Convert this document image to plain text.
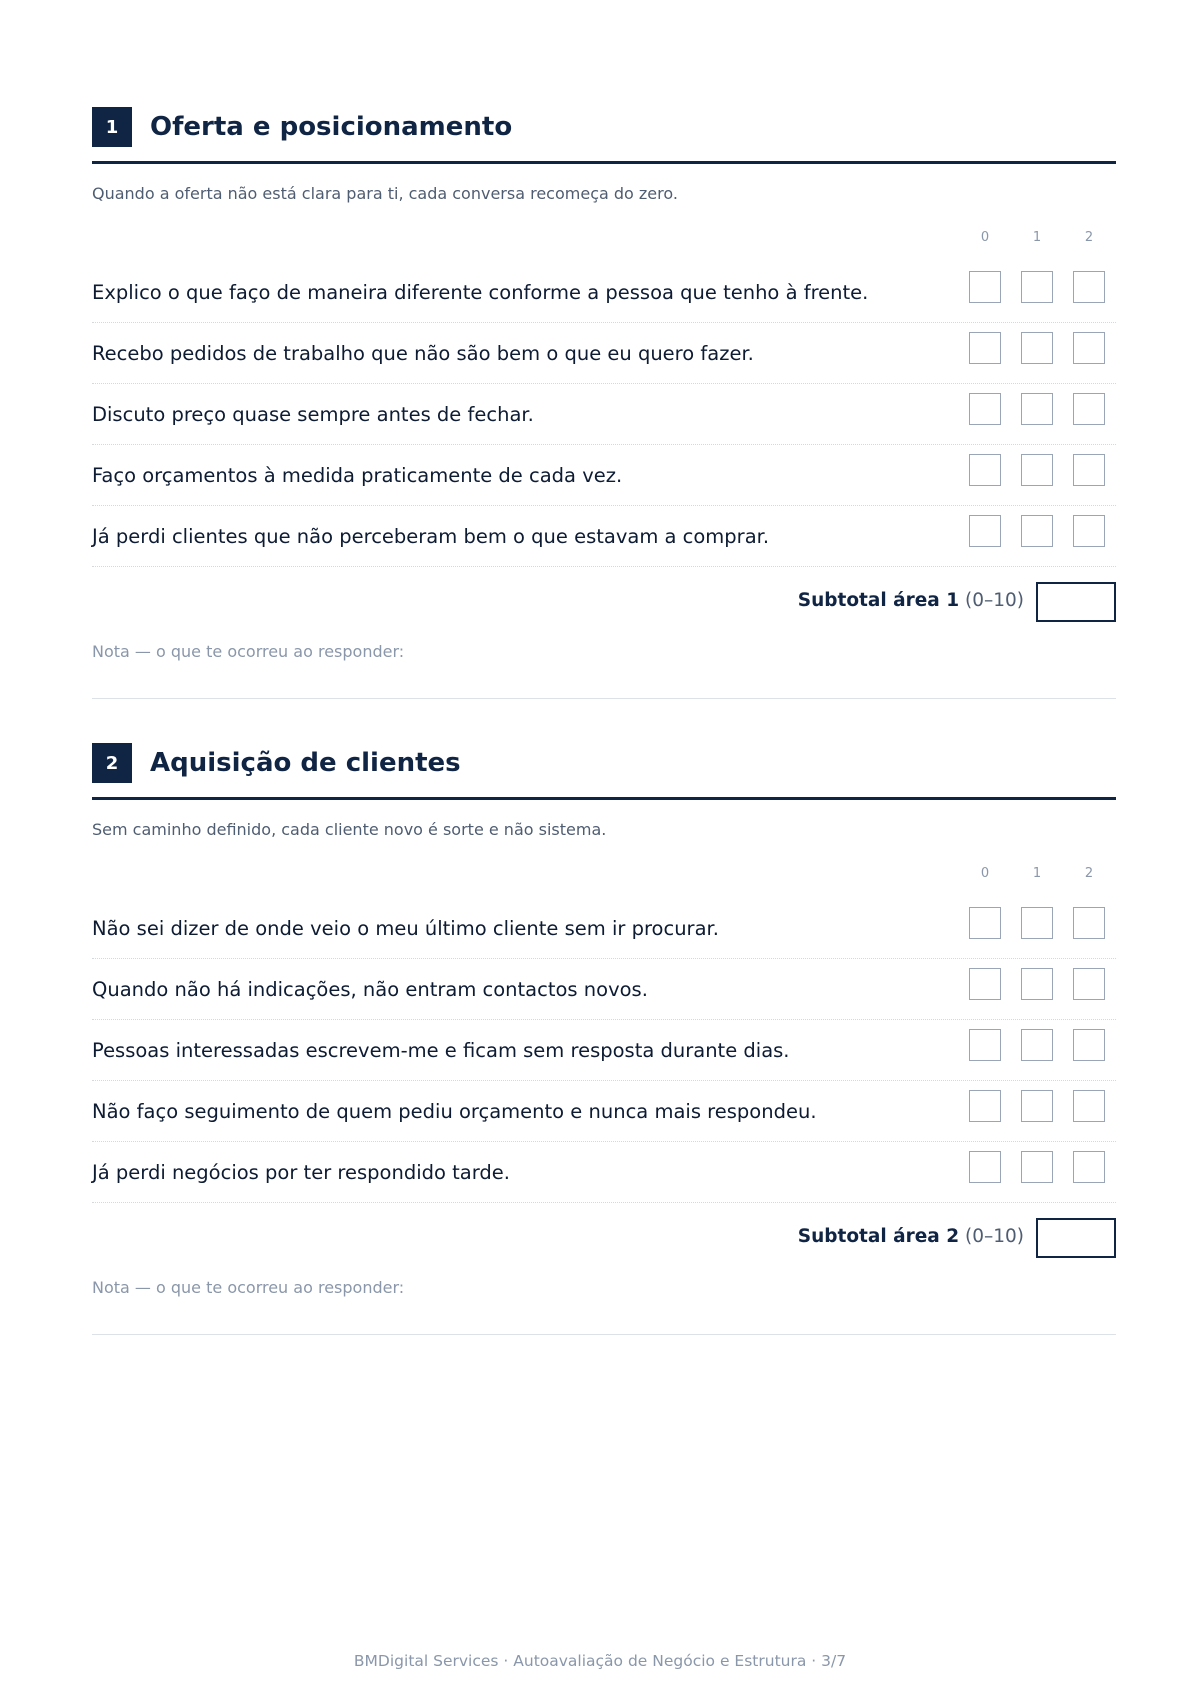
1	Oferta e posicionamento
Quando a oferta não está clara para ti, cada conversa recomeça do zero.
0	1	2
Explico o que faço de maneira diferente conforme a pessoa que tenho à frente.
Recebo pedidos de trabalho que não são bem o que eu quero fazer.
Discuto preço quase sempre antes de fechar.
Faço orçamentos à medida praticamente de cada vez.
Já perdi clientes que não perceberam bem o que estavam a comprar.
Subtotal área 1 (0–10)
Nota — o que te ocorreu ao responder:
2	Aquisição de clientes
Sem caminho definido, cada cliente novo é sorte e não sistema.
0	1	2
Não sei dizer de onde veio o meu último cliente sem ir procurar.
Quando não há indicações, não entram contactos novos.
Pessoas interessadas escrevem-me e ficam sem resposta durante dias.
Não faço seguimento de quem pediu orçamento e nunca mais respondeu.
Já perdi negócios por ter respondido tarde.
Subtotal área 2 (0–10)
Nota — o que te ocorreu ao responder:
BMDigital Services · Autoavaliação de Negócio e Estrutura · 3/7
